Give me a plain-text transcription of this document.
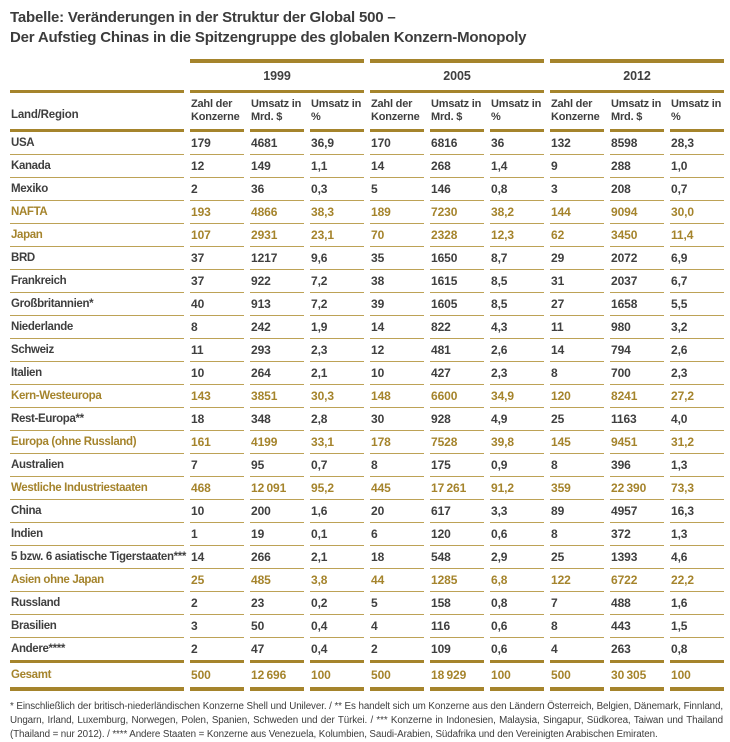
Tabelle: Veränderungen in der Struktur der Global 500 –
Der Aufstieg Chinas in die Spitzengruppe des globalen Konzern-Monopoly
	1999			2005			2012		
Land/Region	Zahl der Konzerne	Umsatz in Mrd. $	Umsatz in %	Zahl der Konzerne	Umsatz in Mrd. $	Umsatz in %	Zahl der Konzerne	Umsatz in Mrd. $	Umsatz in %
USA	179	4681	36,9	170	6816	36	132	8598	28,3
Kanada	12	149	1,1	14	268	1,4	9	288	1,0
Mexiko	2	36	0,3	5	146	0,8	3	208	0,7
NAFTA	193	4866	38,3	189	7230	38,2	144	9094	30,0
Japan	107	2931	23,1	70	2328	12,3	62	3450	11,4
BRD	37	1217	9,6	35	1650	8,7	29	2072	6,9
Frankreich	37	922	7,2	38	1615	8,5	31	2037	6,7
Großbritannien*	40	913	7,2	39	1605	8,5	27	1658	5,5
Niederlande	8	242	1,9	14	822	4,3	11	980	3,2
Schweiz	11	293	2,3	12	481	2,6	14	794	2,6
Italien	10	264	2,1	10	427	2,3	8	700	2,3
Kern-Westeuropa	143	3851	30,3	148	6600	34,9	120	8241	27,2
Rest-Europa**	18	348	2,8	30	928	4,9	25	1163	4,0
Europa (ohne Russland)	161	4199	33,1	178	7528	39,8	145	9451	31,2
Australien	7	95	0,7	8	175	0,9	8	396	1,3
Westliche Industriestaaten	468	12 091	95,2	445	17 261	91,2	359	22 390	73,3
China	10	200	1,6	20	617	3,3	89	4957	16,3
Indien	1	19	0,1	6	120	0,6	8	372	1,3
5 bzw. 6 asiatische Tigerstaaten***	14	266	2,1	18	548	2,9	25	1393	4,6
Asien ohne Japan	25	485	3,8	44	1285	6,8	122	6722	22,2
Russland	2	23	0,2	5	158	0,8	7	488	1,6
Brasilien	3	50	0,4	4	116	0,6	8	443	1,5
Andere****	2	47	0,4	2	109	0,6	4	263	0,8
Gesamt	500	12 696	100	500	18 929	100	500	30 305	100
* Einschließlich der britisch-niederländischen Konzerne Shell und Unilever. / ** Es handelt sich um Konzerne aus den Ländern Österreich, Belgien, Dänemark, Finnland, Ungarn, Irland, Luxemburg, Norwegen, Polen, Spanien, Schweden und der Türkei. / *** Konzerne in Indonesien, Malaysia, Singapur, Südkorea, Taiwan und Thailand (Thailand = nur 2012). / **** Andere Staaten = Konzerne aus Venezuela, Kolumbien, Saudi-Arabien, Südafrika und den Vereinigten Arabischen Emiraten.
